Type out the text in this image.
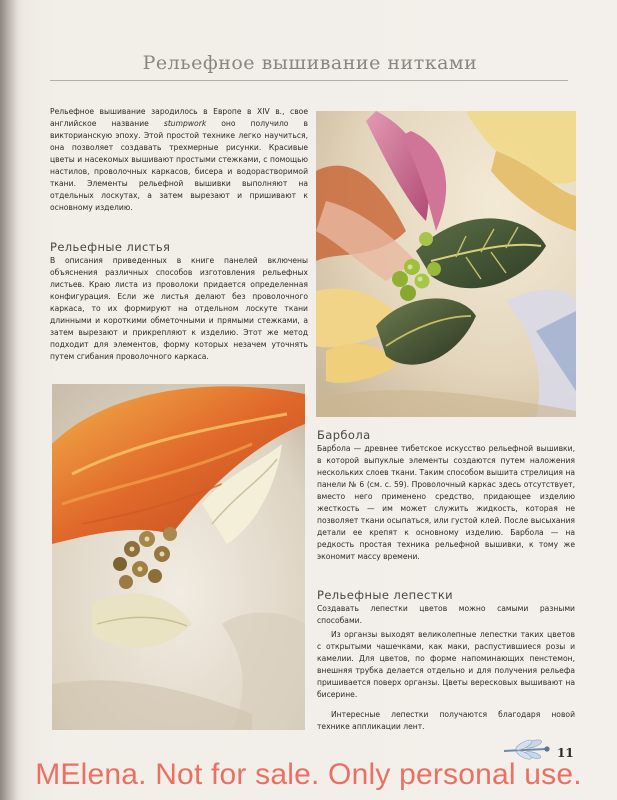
Рельефное вышивание нитками
Рельефное вышивание зародилось в Европе в XIV в., свое английское название stumpwork оно получило в викторианскую эпоху. Этой простой технике легко научиться, она позволяет создавать трехмерные рисунки. Красивые цветы и насекомых вышивают простыми стежками, с помощью настилов, проволочных каркасов, бисера и водорастворимой ткани. Элементы рельефной вышивки выполняют на отдельных лоскутах, а затем вырезают и пришивают к основному изделию.
Рельефные листья
В описания приведенных в книге панелей включены объяснения различных способов изготовления рельефных листьев. Краю листа из проволоки придается определенная конфигурация. Если же листья делают без проволочного каркаса, то их формируют на отдельном лоскуте ткани длинными и короткими обметочными и прямыми стежками, а затем вырезают и прикрепляют к изделию. Этот же метод подходит для элементов, форму которых незачем уточнять путем сгибания проволочного каркаса.
Барбола
Барбола — древнее тибетское искусство рельефной вышивки, в которой выпуклые элементы создаются путем наложения нескольких слоев ткани. Таким способом вышита стрелиция на панели № 6 (см. с. 59). Проволочный каркас здесь отсутствует, вместо него применено средство, придающее изделию жесткость — им может служить жидкость, которая не позволяет ткани осыпаться, или густой клей. После высыхания детали ее крепят к основному изделию. Барбола — на редкость простая техника рельефной вышивки, к тому же экономит массу времени.
Рельефные лепестки
Создавать лепестки цветов можно самыми разными способами.
Из органзы выходят великолепные лепестки таких цветов с открытыми чашечками, как маки, распустившиеся розы и камелии. Для цветов, по форме напоминающих пенстемон, внешняя трубка делается отдельно и для получения рельефа пришивается поверх органзы. Цветы вересковых вышивают на бисерине.
Интересные лепестки получаются благодаря новой технике аппликации лент.
11
MElena. Not for sale. Only personal use.
